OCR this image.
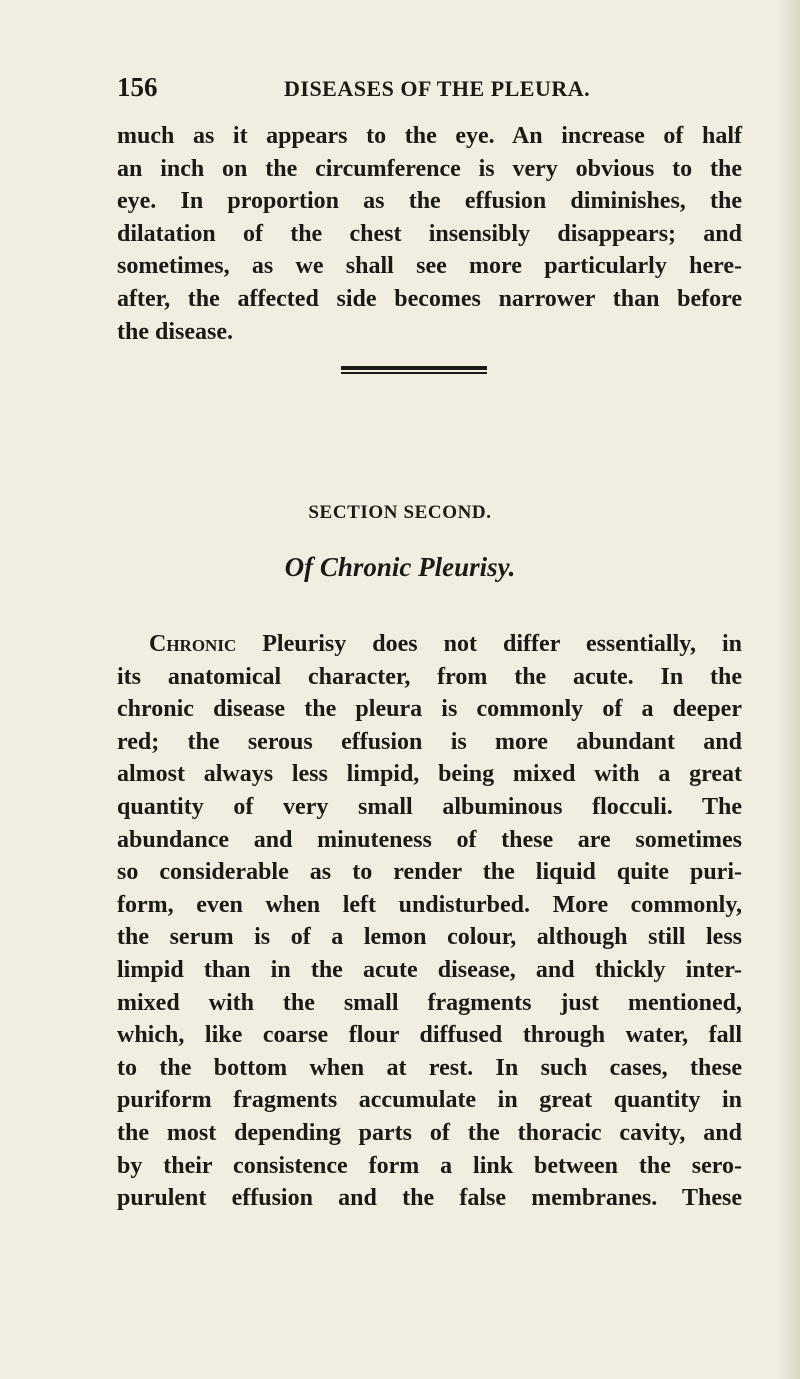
156	DISEASES OF THE PLEURA.
much as it appears to the eye. An increase of half
an inch on the circumference is very obvious to the
eye. In proportion as the effusion diminishes, the
dilatation of the chest insensibly disappears; and
sometimes, as we shall see more particularly here-
after, the affected side becomes narrower than before
the disease.
SECTION SECOND.
Of Chronic Pleurisy.
Chronic Pleurisy does not differ essentially, in
its anatomical character, from the acute. In the
chronic disease the pleura is commonly of a deeper
red; the serous effusion is more abundant and
almost always less limpid, being mixed with a great
quantity of very small albuminous flocculi. The
abundance and minuteness of these are sometimes
so considerable as to render the liquid quite puri-
form, even when left undisturbed. More commonly,
the serum is of a lemon colour, although still less
limpid than in the acute disease, and thickly inter-
mixed with the small fragments just mentioned,
which, like coarse flour diffused through water, fall
to the bottom when at rest. In such cases, these
puriform fragments accumulate in great quantity in
the most depending parts of the thoracic cavity, and
by their consistence form a link between the sero-
purulent effusion and the false membranes. These
